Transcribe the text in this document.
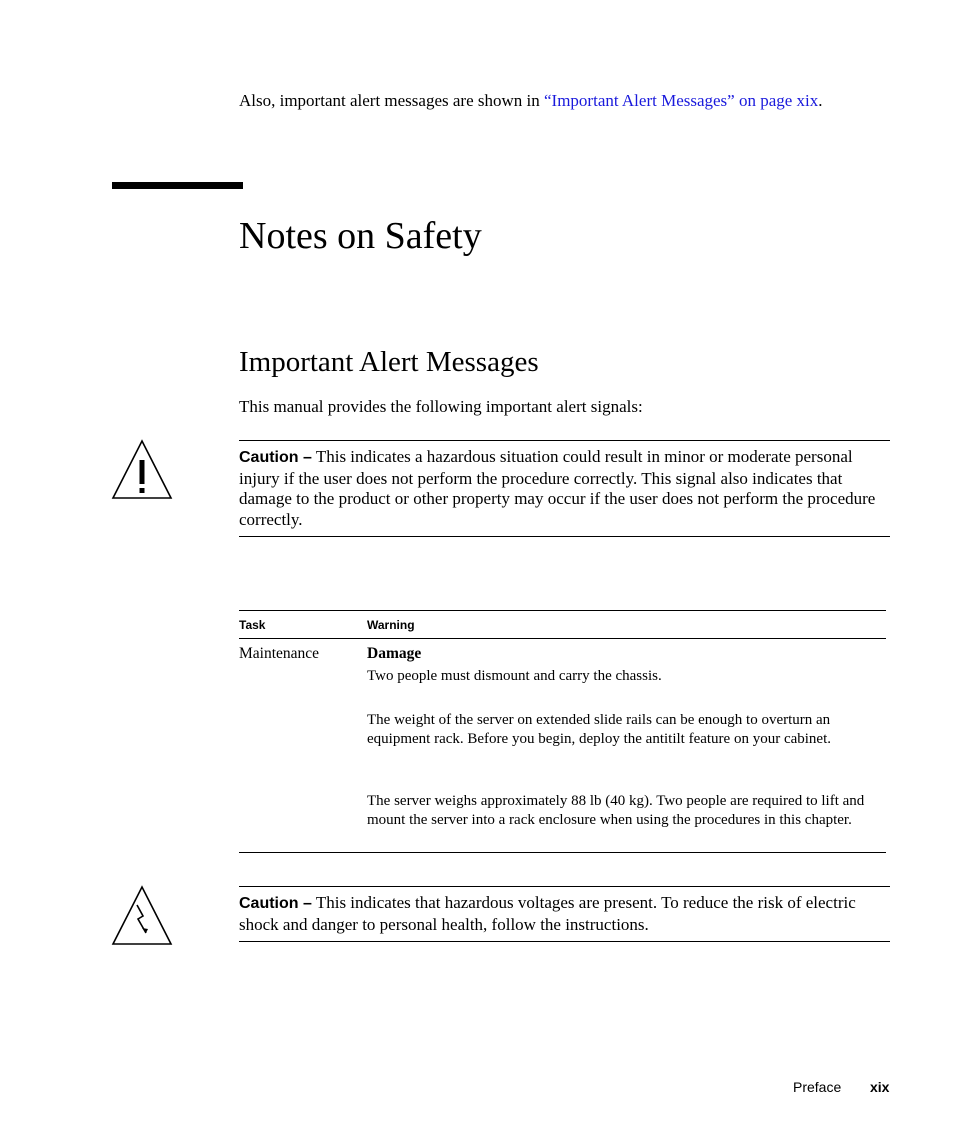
Also, important alert messages are shown in “Important Alert Messages” on page xix.
Notes on Safety
Important Alert Messages
This manual provides the following important alert signals:
Caution – This indicates a hazardous situation could result in minor or moderate personal injury if the user does not perform the procedure correctly. This signal also indicates that damage to the product or other property may occur if the user does not perform the procedure correctly.
Task	Warning
Maintenance	Damage
Two people must dismount and carry the chassis.
The weight of the server on extended slide rails can be enough to overturn an equipment rack. Before you begin, deploy the antitilt feature on your cabinet.
The server weighs approximately 88 lb (40 kg). Two people are required to lift and mount the server into a rack enclosure when using the procedures in this chapter.
Caution – This indicates that hazardous voltages are present. To reduce the risk of electric shock and danger to personal health, follow the instructions.
Preface xix
